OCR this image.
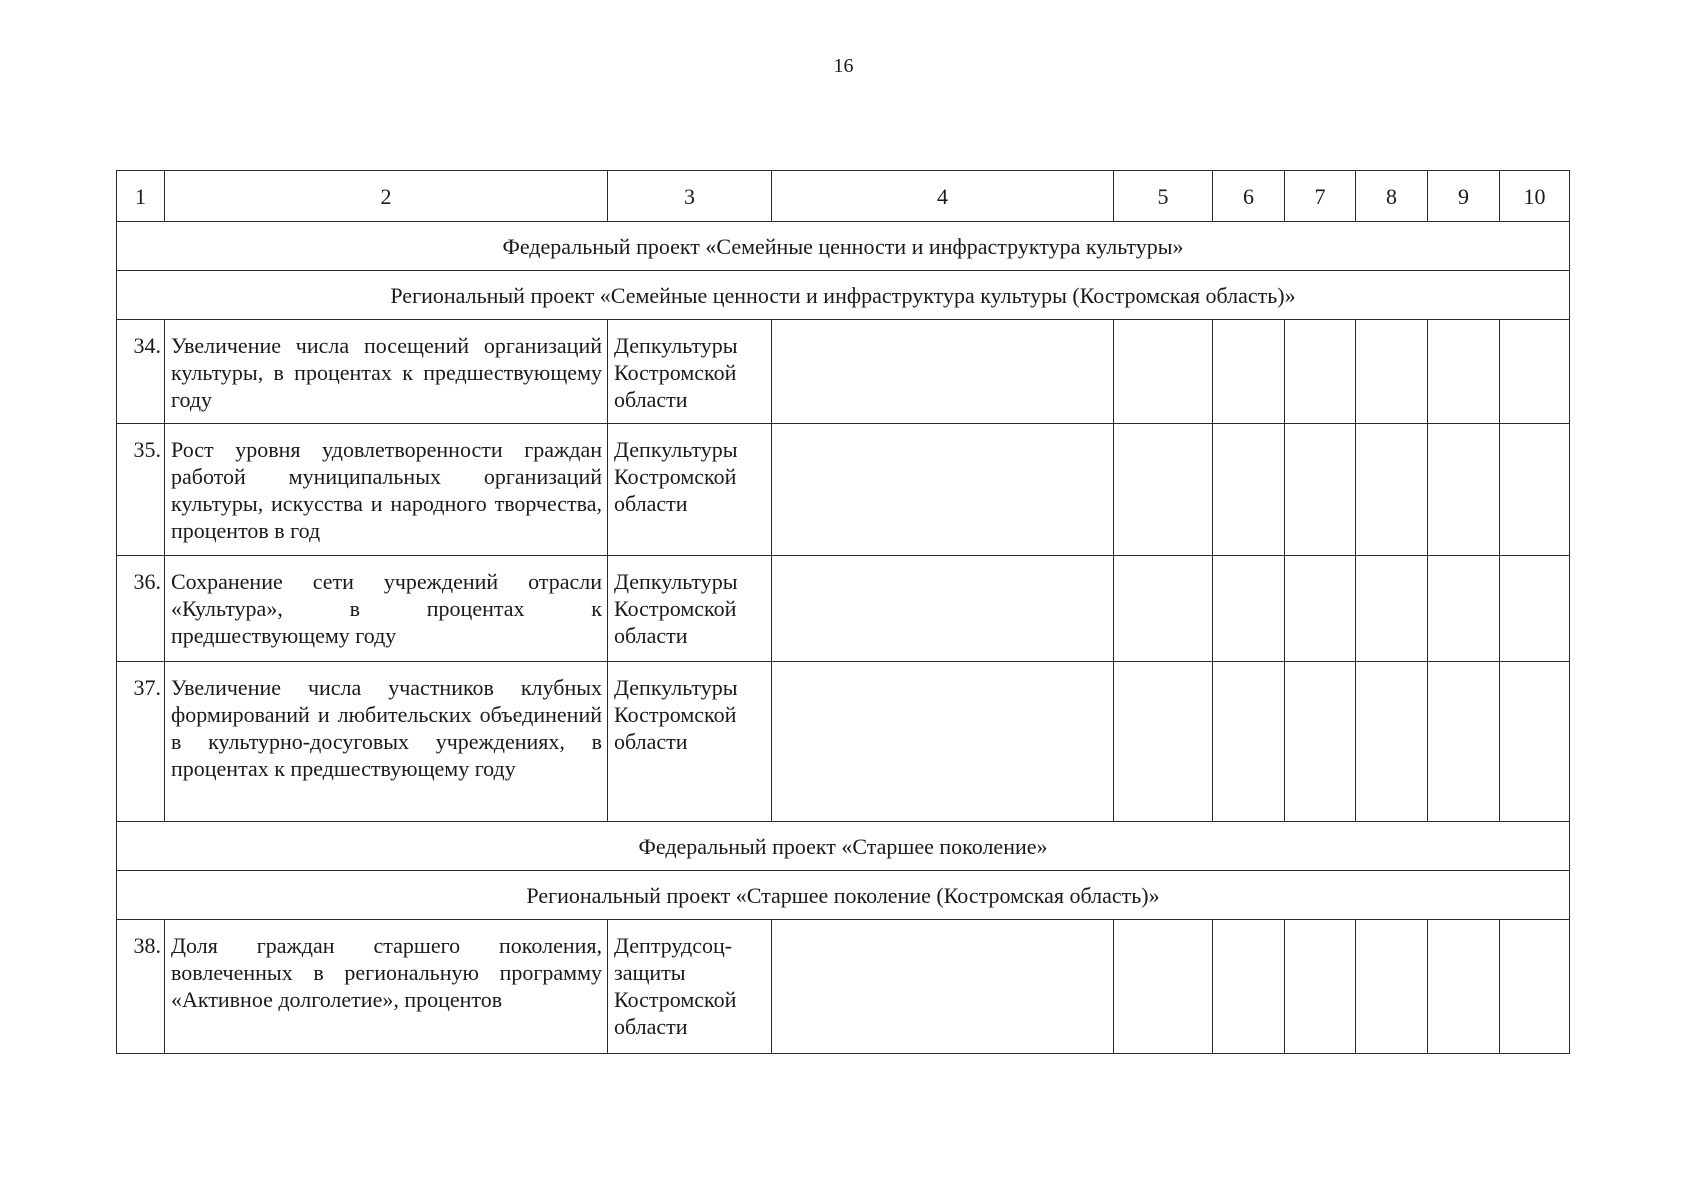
16
1	2	3	4	5	6	7	8	9	10
Федеральный проект «Семейные ценности и инфраструктура культуры»									
Региональный проект «Семейные ценности и инфраструктура культуры (Костромская область)»									
34.	Увеличение числа посещений организаций культуры, в процентах к предшествующему году	Депкультуры Костромской области							
35.	Рост уровня удовлетворенности граждан работой муниципальных организаций культуры, искусства и народного творчества, процентов в год	Депкультуры Костромской области							
36.	Сохранение сети учреждений отрасли «Культура», в процентах к предшествующему году	Депкультуры Костромской области							
37.	Увеличение числа участников клубных формирований и любительских объединений в культурно-досуговых учреждениях, в процентах к предшествующему году	Депкультуры Костромской области							
Федеральный проект «Старшее поколение»									
Региональный проект «Старшее поколение (Костромская область)»									
38.	Доля граждан старшего поколения, вовлеченных в региональную программу «Активное долголетие», процентов	Дептрудсоц-защиты Костромской области							
